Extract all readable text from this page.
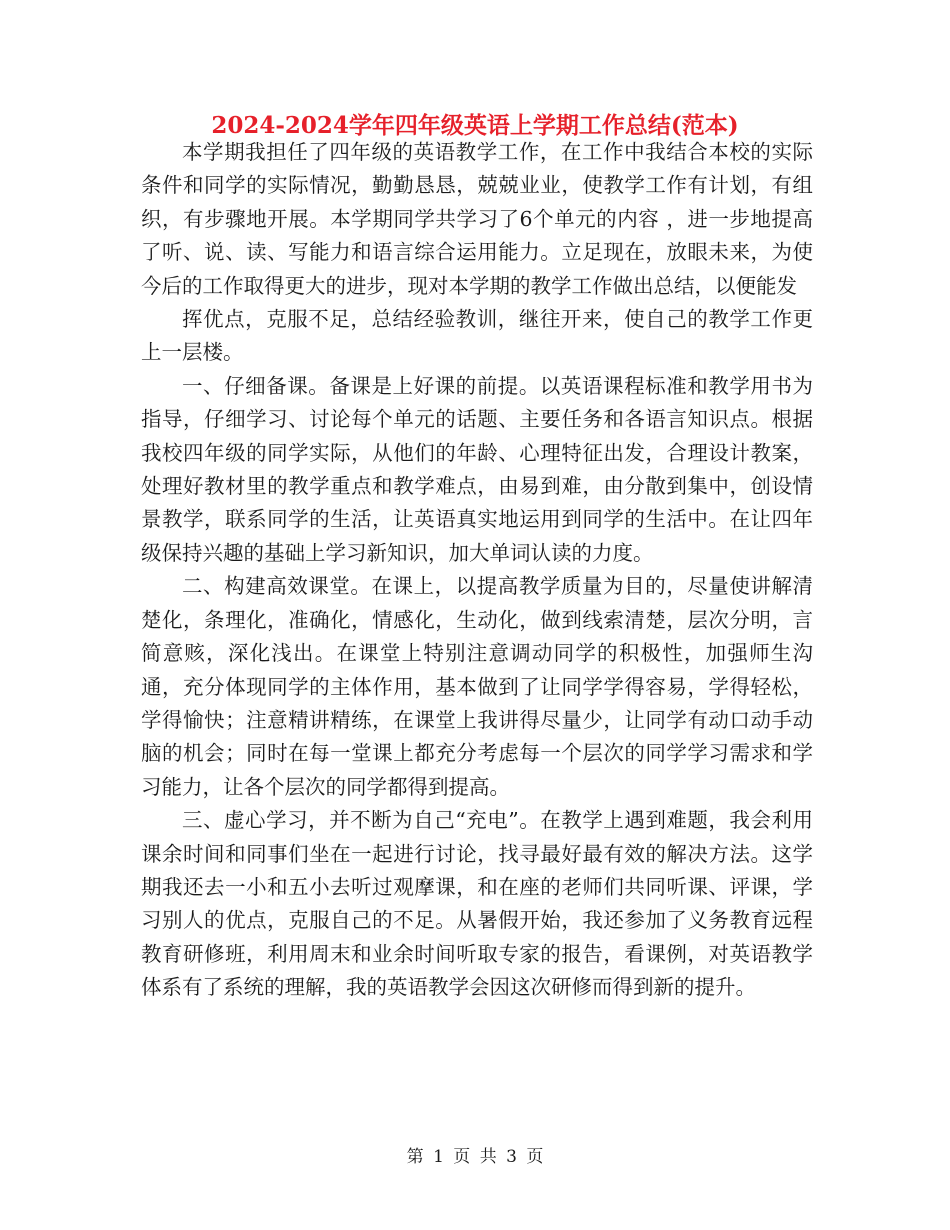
2024-2024学年四年级英语上学期工作总结(范本)

本学期我担任了四年级的英语教学工作，在工作中我结合本校的实际条件和同学的实际情况，勤勤恳恳，兢兢业业，使教学工作有计划，有组织，有步骤地开展。本学期同学共学习了6个单元的内容 ，进一步地提高了听、说、读、写能力和语言综合运用能力。立足现在，放眼未来，为使今后的工作取得更大的进步，现对本学期的教学工作做出总结，以便能发

挥优点，克服不足，总结经验教训，继往开来，使自己的教学工作更上一层楼。

一、仔细备课。备课是上好课的前提。以英语课程标准和教学用书为指导，仔细学习、讨论每个单元的话题、主要任务和各语言知识点。根据我校四年级的同学实际，从他们的年龄、心理特征出发，合理设计教案，处理好教材里的教学重点和教学难点，由易到难，由分散到集中，创设情景教学，联系同学的生活，让英语真实地运用到同学的生活中。在让四年级保持兴趣的基础上学习新知识，加大单词认读的力度。

二、构建高效课堂。在课上，以提高教学质量为目的，尽量使讲解清楚化，条理化，准确化，情感化，生动化，做到线索清楚，层次分明，言简意赅，深化浅出。在课堂上特别注意调动同学的积极性，加强师生沟通，充分体现同学的主体作用，基本做到了让同学学得容易，学得轻松，学得愉快；注意精讲精练，在课堂上我讲得尽量少，让同学有动口动手动脑的机会；同时在每一堂课上都充分考虑每一个层次的同学学习需求和学习能力，让各个层次的同学都得到提高。

三、虚心学习，并不断为自己“充电”。在教学上遇到难题，我会利用课余时间和同事们坐在一起进行讨论，找寻最好最有效的解决方法。这学期我还去一小和五小去听过观摩课，和在座的老师们共同听课、评课，学习别人的优点，克服自己的不足。从暑假开始，我还参加了义务教育远程教育研修班，利用周末和业余时间听取专家的报告，看课例，对英语教学体系有了系统的理解，我的英语教学会因这次研修而得到新的提升。

第 1 页 共 3 页
